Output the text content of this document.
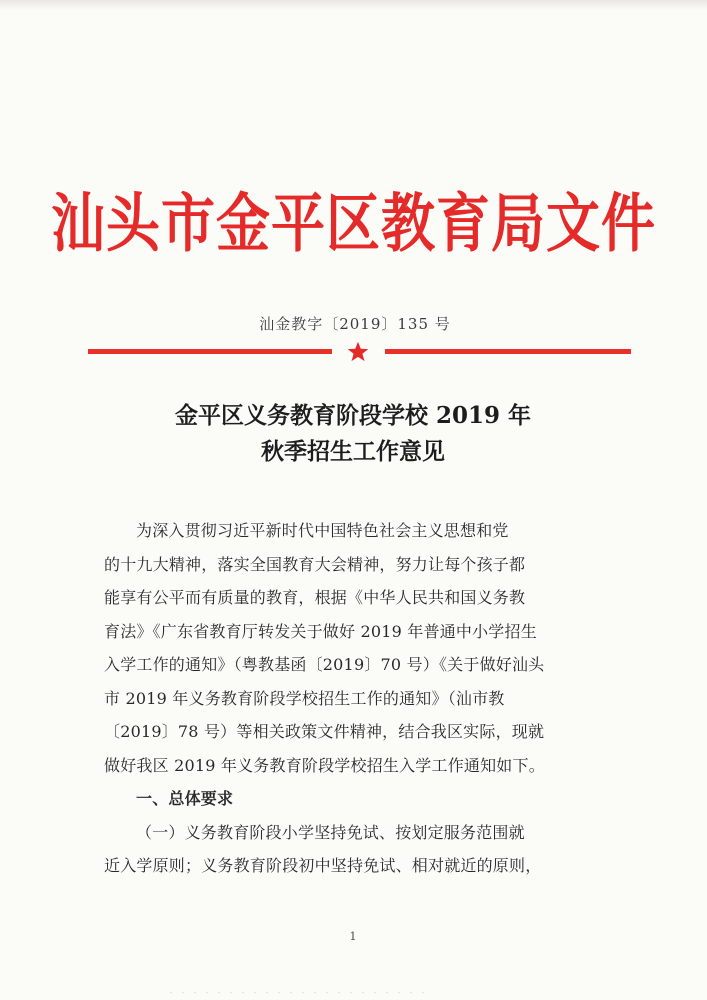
汕头市金平区教育局文件
汕金教字〔2019〕135 号
金平区义务教育阶段学校 2019 年
秋季招生工作意见
为深入贯彻习近平新时代中国特色社会主义思想和党
的十九大精神，落实全国教育大会精神，努力让每个孩子都
能享有公平而有质量的教育，根据《中华人民共和国义务教
育法》《广东省教育厅转发关于做好 2019 年普通中小学招生
入学工作的通知》（粤教基函〔2019〕70 号）《关于做好汕头
市 2019 年义务教育阶段学校招生工作的通知》（汕市教
〔2019〕78 号）等相关政策文件精神，结合我区实际，现就
做好我区 2019 年义务教育阶段学校招生入学工作通知如下。
一、总体要求
（一）义务教育阶段小学坚持免试、按划定服务范围就
近入学原则；义务教育阶段初中坚持免试、相对就近的原则，
1
